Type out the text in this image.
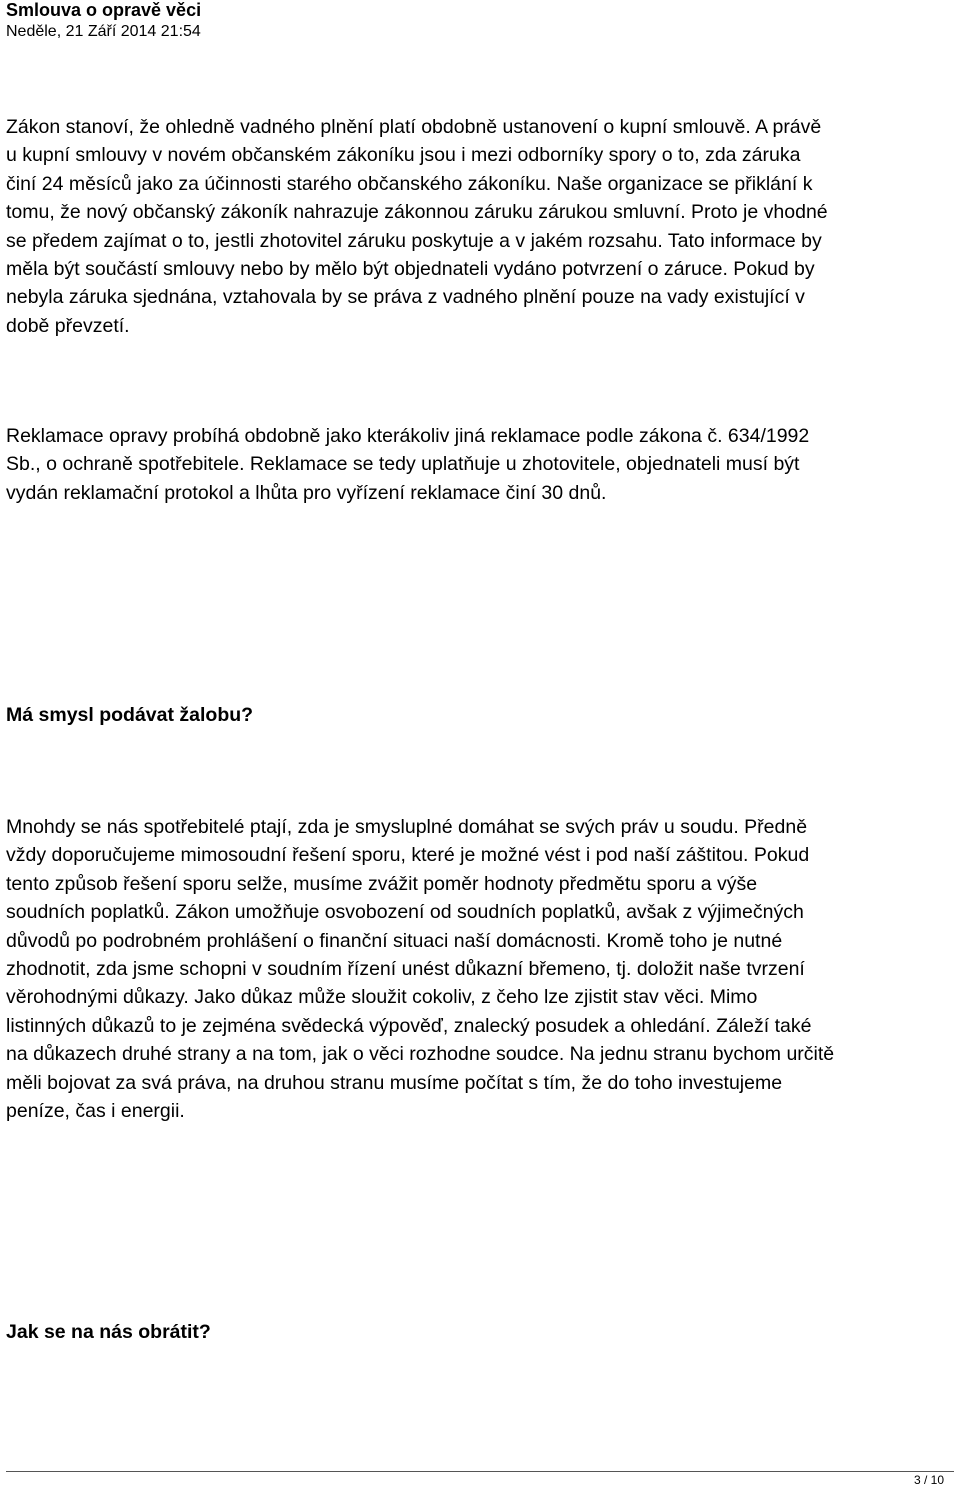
Smlouva o opravě věci
Neděle, 21 Září 2014 21:54
Zákon stanoví, že ohledně vadného plnění platí obdobně ustanovení o kupní smlouvě. A právě
u kupní smlouvy v novém občanském zákoníku jsou i mezi odborníky spory o to, zda záruka
činí 24 měsíců jako za účinnosti starého občanského zákoníku. Naše organizace se přiklání k
tomu, že nový občanský zákoník nahrazuje zákonnou záruku zárukou smluvní. Proto je vhodné
se předem zajímat o to, jestli zhotovitel záruku poskytuje a v jakém rozsahu. Tato informace by
měla být součástí smlouvy nebo by mělo být objednateli vydáno potvrzení o záruce. Pokud by
nebyla záruka sjednána, vztahovala by se práva z vadného plnění pouze na vady existující v
době převzetí.
Reklamace opravy probíhá obdobně jako kterákoliv jiná reklamace podle zákona č. 634/1992
Sb., o ochraně spotřebitele. Reklamace se tedy uplatňuje u zhotovitele, objednateli musí být
vydán reklamační protokol a lhůta pro vyřízení reklamace činí 30 dnů.
Má smysl podávat žalobu?
Mnohdy se nás spotřebitelé ptají, zda je smysluplné domáhat se svých práv u soudu. Předně
vždy doporučujeme mimosoudní řešení sporu, které je možné vést i pod naší záštitou. Pokud
tento způsob řešení sporu selže, musíme zvážit poměr hodnoty předmětu sporu a výše
soudních poplatků. Zákon umožňuje osvobození od soudních poplatků, avšak z výjimečných
důvodů po podrobném prohlášení o finanční situaci naší domácnosti. Kromě toho je nutné
zhodnotit, zda jsme schopni v soudním řízení unést důkazní břemeno, tj. doložit naše tvrzení
věrohodnými důkazy. Jako důkaz může sloužit cokoliv, z čeho lze zjistit stav věci. Mimo
listinných důkazů to je zejména svědecká výpověď, znalecký posudek a ohledání. Záleží také
na důkazech druhé strany a na tom, jak o věci rozhodne soudce. Na jednu stranu bychom určitě
měli bojovat za svá práva, na druhou stranu musíme počítat s tím, že do toho investujeme
peníze, čas i energii.
Jak se na nás obrátit?
3 / 10
